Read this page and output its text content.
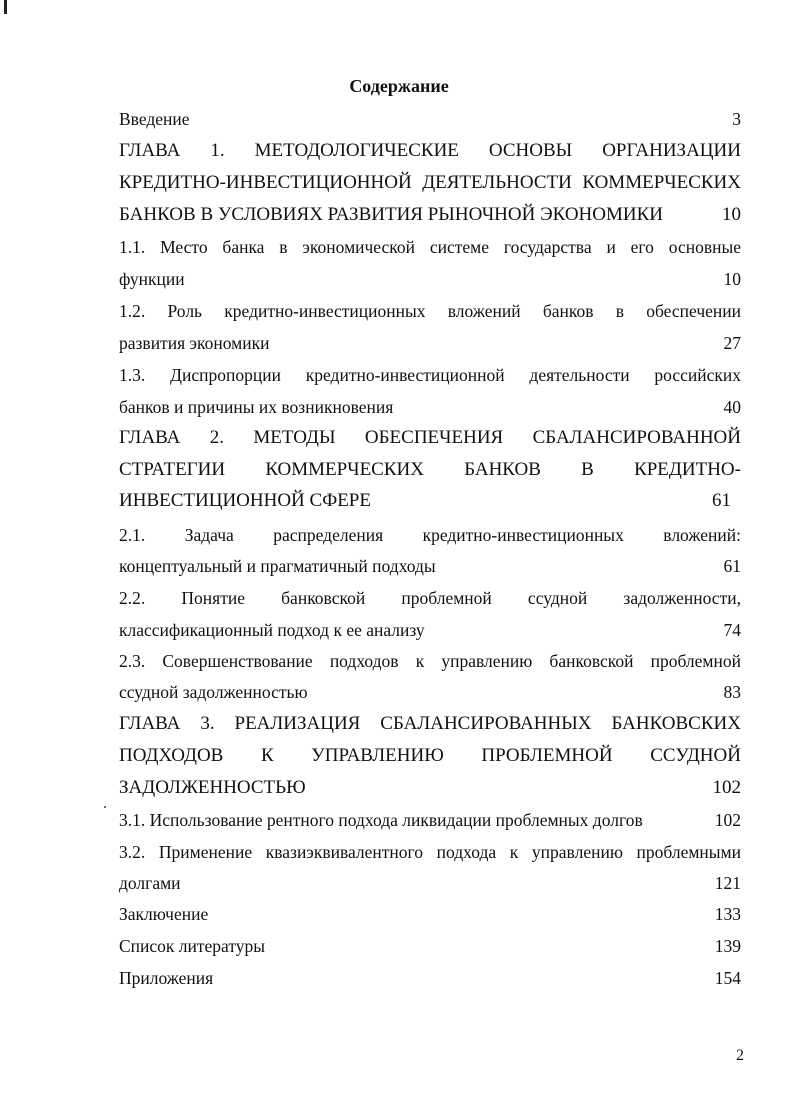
Содержание
Введение	3
ГЛАВА 1. МЕТОДОЛОГИЧЕСКИЕ ОСНОВЫ ОРГАНИЗАЦИИ
КРЕДИТНО-ИНВЕСТИЦИОННОЙ ДЕЯТЕЛЬНОСТИ КОММЕРЧЕСКИХ
БАНКОВ В УСЛОВИЯХ РАЗВИТИЯ РЫНОЧНОЙ ЭКОНОМИКИ	10
1.1. Место банка в экономической системе государства и его основные
функции	10
1.2. Роль кредитно-инвестиционных вложений банков в обеспечении
развития экономики	27
1.3. Диспропорции кредитно-инвестиционной деятельности российских
банков и причины их возникновения	40
ГЛАВА 2. МЕТОДЫ ОБЕСПЕЧЕНИЯ СБАЛАНСИРОВАННОЙ
СТРАТЕГИИ КОММЕРЧЕСКИХ БАНКОВ В КРЕДИТНО-
ИНВЕСТИЦИОННОЙ СФЕРЕ	61
2.1. Задача распределения кредитно-инвестиционных вложений:
концептуальный и прагматичный подходы	61
2.2. Понятие банковской проблемной ссудной задолженности,
классификационный подход к ее анализу	74
2.3. Совершенствование подходов к управлению банковской проблемной
ссудной задолженностью	83
ГЛАВА 3. РЕАЛИЗАЦИЯ СБАЛАНСИРОВАННЫХ БАНКОВСКИХ
ПОДХОДОВ К УПРАВЛЕНИЮ ПРОБЛЕМНОЙ ССУДНОЙ
ЗАДОЛЖЕННОСТЬЮ	102
3.1. Использование рентного подхода ликвидации проблемных долгов	102
3.2. Применение квазиэквивалентного подхода к управлению проблемными
долгами	121
Заключение	133
Список литературы	139
Приложения	154
2
